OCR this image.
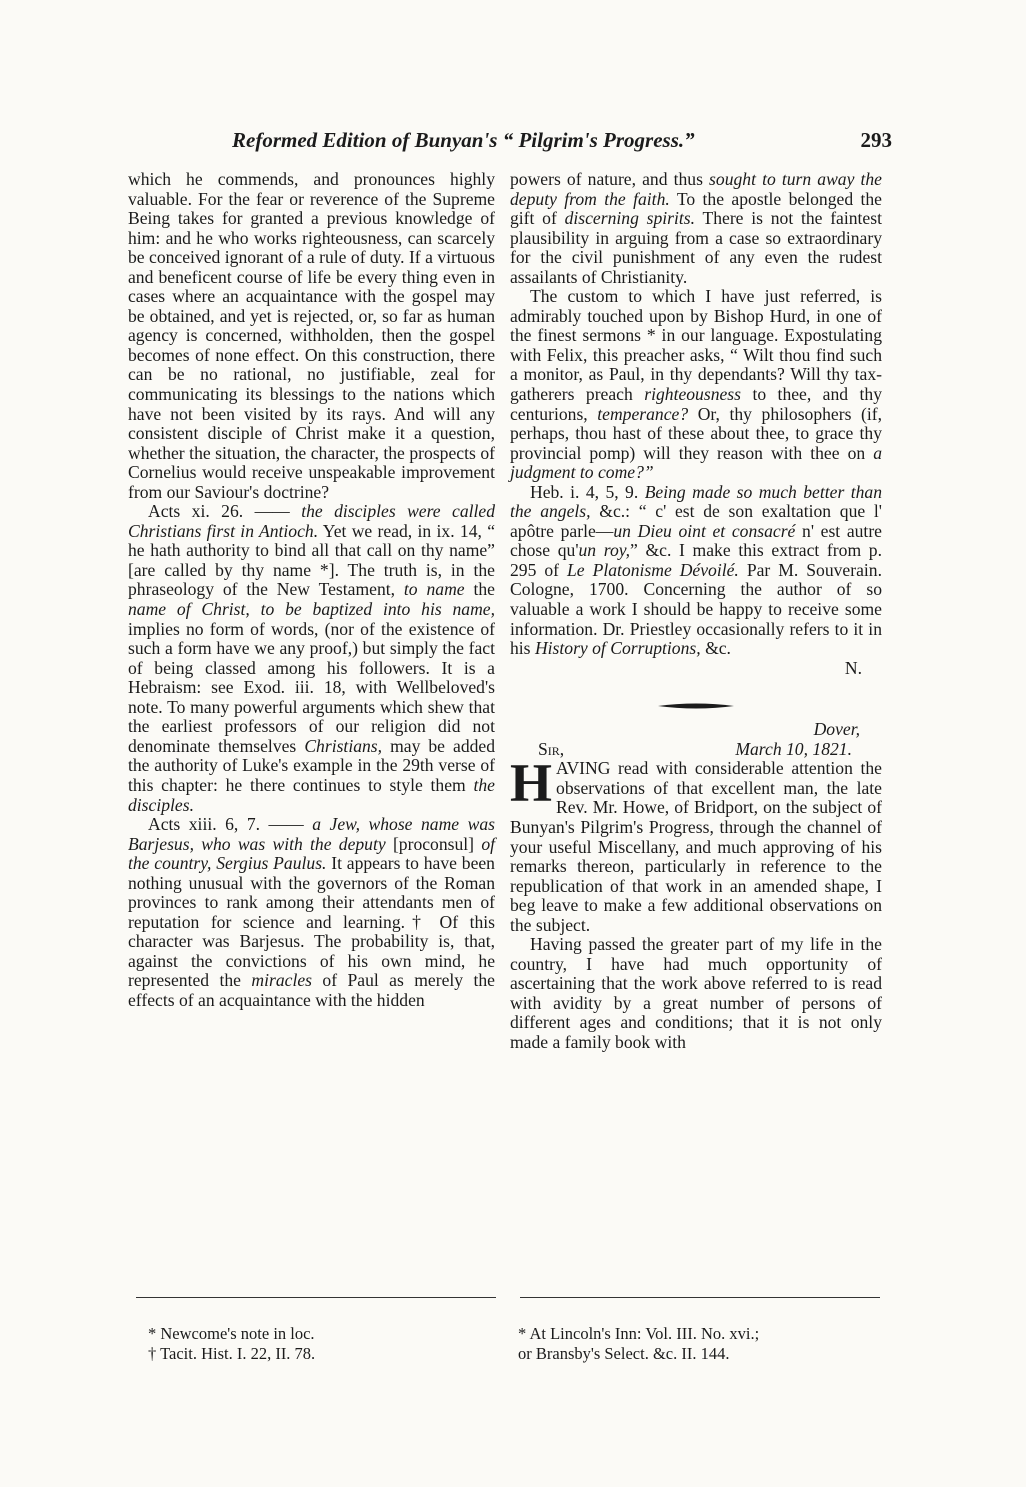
Reformed Edition of Bunyan's “ Pilgrim's Progress.”	293

which he commends, and pronounces highly valuable. For the fear or reverence of the Supreme Being takes for granted a previous knowledge of him: and he who works righteousness, can scarcely be conceived ignorant of a rule of duty. If a virtuous and beneficent course of life be every thing even in cases where an acquaintance with the gospel may be obtained, and yet is rejected, or, so far as human agency is concerned, withholden, then the gospel becomes of none effect. On this construction, there can be no rational, no justifiable, zeal for communicating its blessings to the nations which have not been visited by its rays. And will any consistent disciple of Christ make it a question, whether the situation, the character, the prospects of Cornelius would receive unspeakable improvement from our Saviour's doctrine?

Acts xi. 26. —— the disciples were called Christians first in Antioch. Yet we read, in ix. 14, “ he hath authority to bind all that call on thy name” [are called by thy name *]. The truth is, in the phraseology of the New Testament, to name the name of Christ, to be baptized into his name, implies no form of words, (nor of the existence of such a form have we any proof,) but simply the fact of being classed among his followers. It is a Hebraism: see Exod. iii. 18, with Wellbeloved's note. To many powerful arguments which shew that the earliest professors of our religion did not denominate themselves Christians, may be added the authority of Luke's example in the 29th verse of this chapter: he there continues to style them the disciples.

Acts xiii. 6, 7. —— a Jew, whose name was Barjesus, who was with the deputy [proconsul] of the country, Sergius Paulus. It appears to have been nothing unusual with the governors of the Roman provinces to rank among their attendants men of reputation for science and learning.† Of this character was Barjesus. The probability is, that, against the convictions of his own mind, he represented the miracles of Paul as merely the effects of an acquaintance with the hidden

powers of nature, and thus sought to turn away the deputy from the faith. To the apostle belonged the gift of discerning spirits. There is not the faintest plausibility in arguing from a case so extraordinary for the civil punishment of any even the rudest assailants of Christianity.

The custom to which I have just referred, is admirably touched upon by Bishop Hurd, in one of the finest sermons * in our language. Expostulating with Felix, this preacher asks, “ Wilt thou find such a monitor, as Paul, in thy dependants? Will thy tax-gatherers preach righteousness to thee, and thy centurions, temperance? Or, thy philosophers (if, perhaps, thou hast of these about thee, to grace thy provincial pomp) will they reason with thee on a judgment to come?”

Heb. i. 4, 5, 9. Being made so much better than the angels, &c.: “ c' est de son exaltation que l' apôtre parle—un Dieu oint et consacré n' est autre chose qu'un roy,” &c. I make this extract from p. 295 of Le Platonisme Dévoilé. Par M. Souverain. Cologne, 1700. Concerning the author of so valuable a work I should be happy to receive some information. Dr. Priestley occasionally refers to it in his History of Corruptions, &c.

N.
Dover,
Sir,	March 10, 1821.

HAVING read with considerable attention the observations of that excellent man, the late Rev. Mr. Howe, of Bridport, on the subject of Bunyan's Pilgrim's Progress, through the channel of your useful Miscellany, and much approving of his remarks thereon, particularly in reference to the republication of that work in an amended shape, I beg leave to make a few additional observations on the subject.

Having passed the greater part of my life in the country, I have had much opportunity of ascertaining that the work above referred to is read with avidity by a great number of persons of different ages and conditions; that it is not only made a family book with

* Newcome's note in loc.
† Tacit. Hist. I. 22, II. 78.
* At Lincoln's Inn: Vol. III. No. xvi.;
or Bransby's Select. &c. II. 144.
